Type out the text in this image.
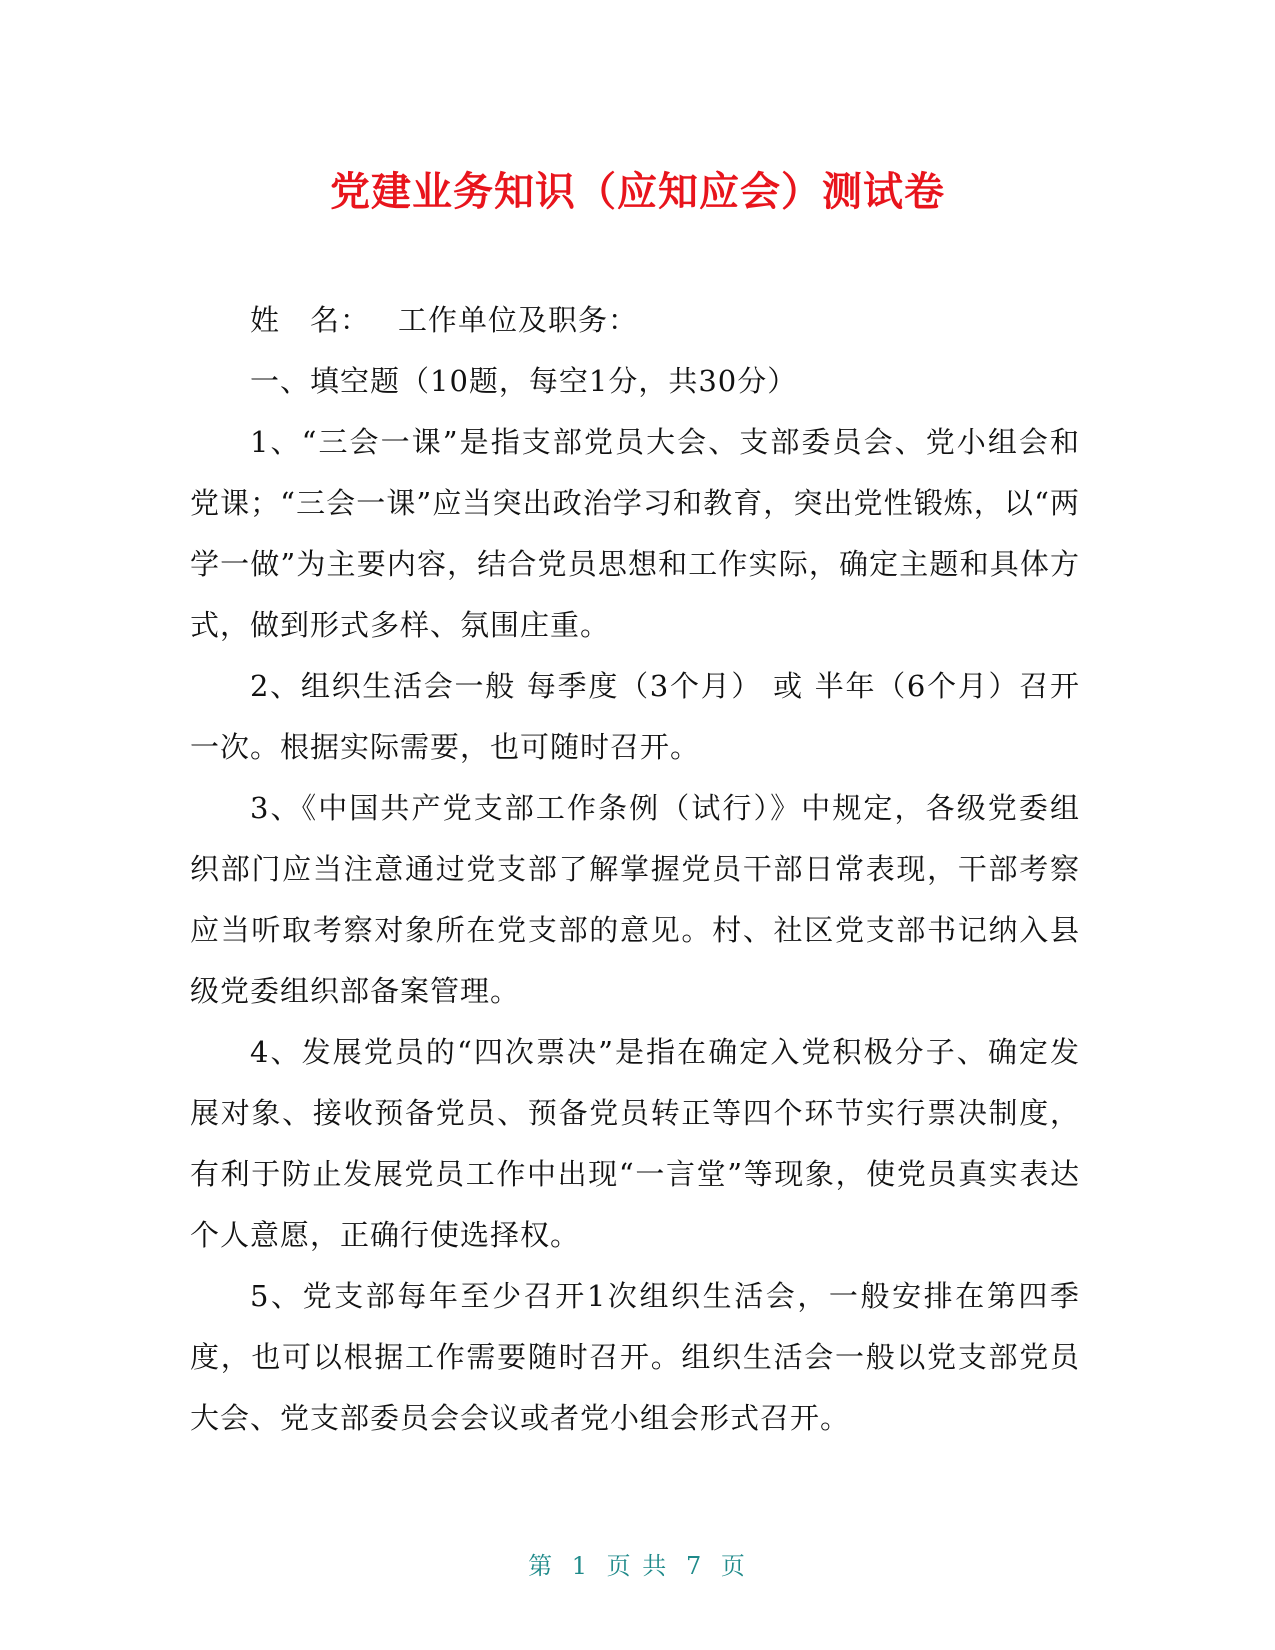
党建业务知识（应知应会）测试卷
姓　名： 工作单位及职务：

一、填空题（10题，每空1分，共30分）

1、“三会一课”是指支部党员大会、支部委员会、党小组会和党课；“三会一课”应当突出政治学习和教育，突出党性锻炼，以“两学一做”为主要内容，结合党员思想和工作实际，确定主题和具体方式，做到形式多样、氛围庄重。

2、组织生活会一般 每季度（3个月） 或 半年（6个月）召开一次。根据实际需要，也可随时召开。

3、《中国共产党支部工作条例（试行）》中规定，各级党委组织部门应当注意通过党支部了解掌握党员干部日常表现，干部考察应当听取考察对象所在党支部的意见。村、社区党支部书记纳入县级党委组织部备案管理。

4、发展党员的“四次票决”是指在确定入党积极分子、确定发展对象、接收预备党员、预备党员转正等四个环节实行票决制度，有利于防止发展党员工作中出现“一言堂”等现象，使党员真实表达个人意愿，正确行使选择权。

5、党支部每年至少召开1次组织生活会，一般安排在第四季度，也可以根据工作需要随时召开。组织生活会一般以党支部党员大会、党支部委员会会议或者党小组会形式召开。

第 1 页 共 7 页
